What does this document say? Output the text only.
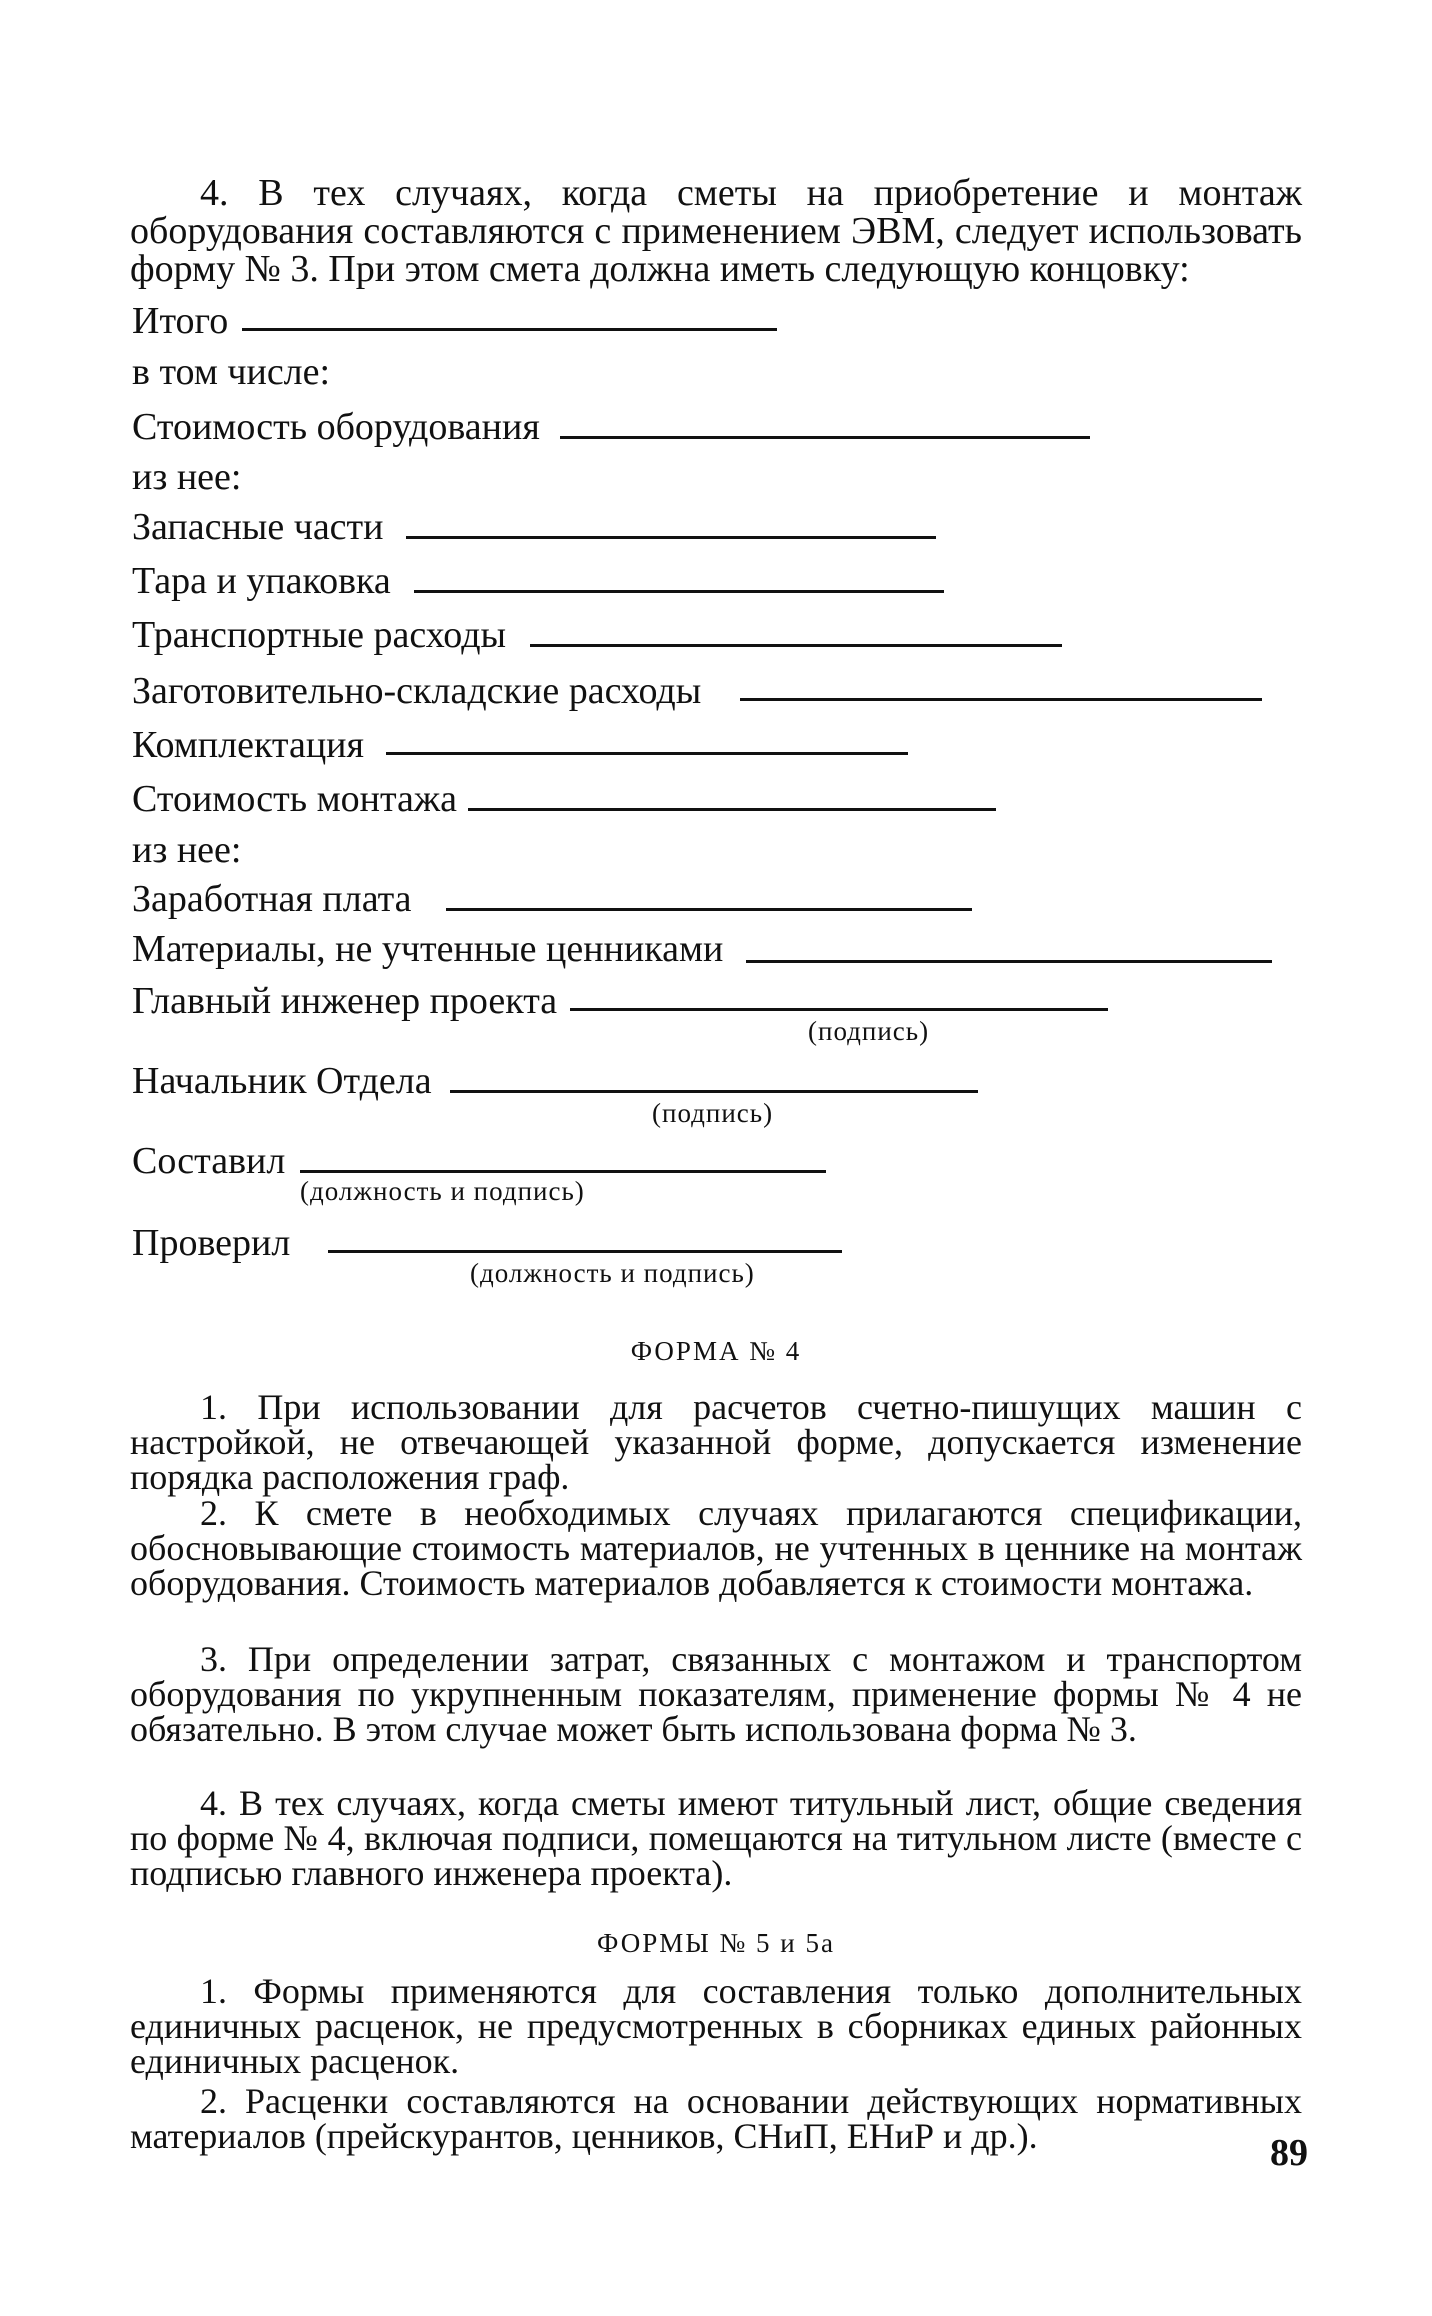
4. В тех случаях, когда сметы на приобретение и монтаж оборудования составляются с применением ЭВМ, следует использовать форму № 3. При этом смета должна иметь следующую концовку:

Итого
в том числе:
Стоимость оборудования
из нее:
Запасные части
Тара и упаковка
Транспортные расходы
Заготовительно-складские расходы
Комплектация
Стоимость монтажа
из нее:
Заработная плата
Материалы, не учтенные ценниками
Главный инженер проекта
(подпись)
Начальник Отдела
(подпись)
Составил
(должность и подпись)
Проверил
(должность и подпись)
ФОРМА № 4

1. При использовании для расчетов счетно-пишущих машин с настройкой, не отвечающей указанной форме, допускается изменение порядка расположения граф.

2. К смете в необходимых случаях прилагаются спецификации, обосновывающие стоимость материалов, не учтенных в ценнике на монтаж оборудования. Стоимость материалов добавляется к стоимости монтажа.

3. При определении затрат, связанных с монтажом и транспортом оборудования по укрупненным показателям, применение формы № 4 не обязательно. В этом случае может быть использована форма № 3.

4. В тех случаях, когда сметы имеют титульный лист, общие сведения по форме № 4, включая подписи, помещаются на титульном листе (вместе с подписью главного инженера проекта).

ФОРМЫ № 5 и 5а

1. Формы применяются для составления только дополнительных единичных расценок, не предусмотренных в сборниках единых районных единичных расценок.

2. Расценки составляются на основании действующих нормативных материалов (прейскурантов, ценников, СНиП, ЕНиР и др.).	89
